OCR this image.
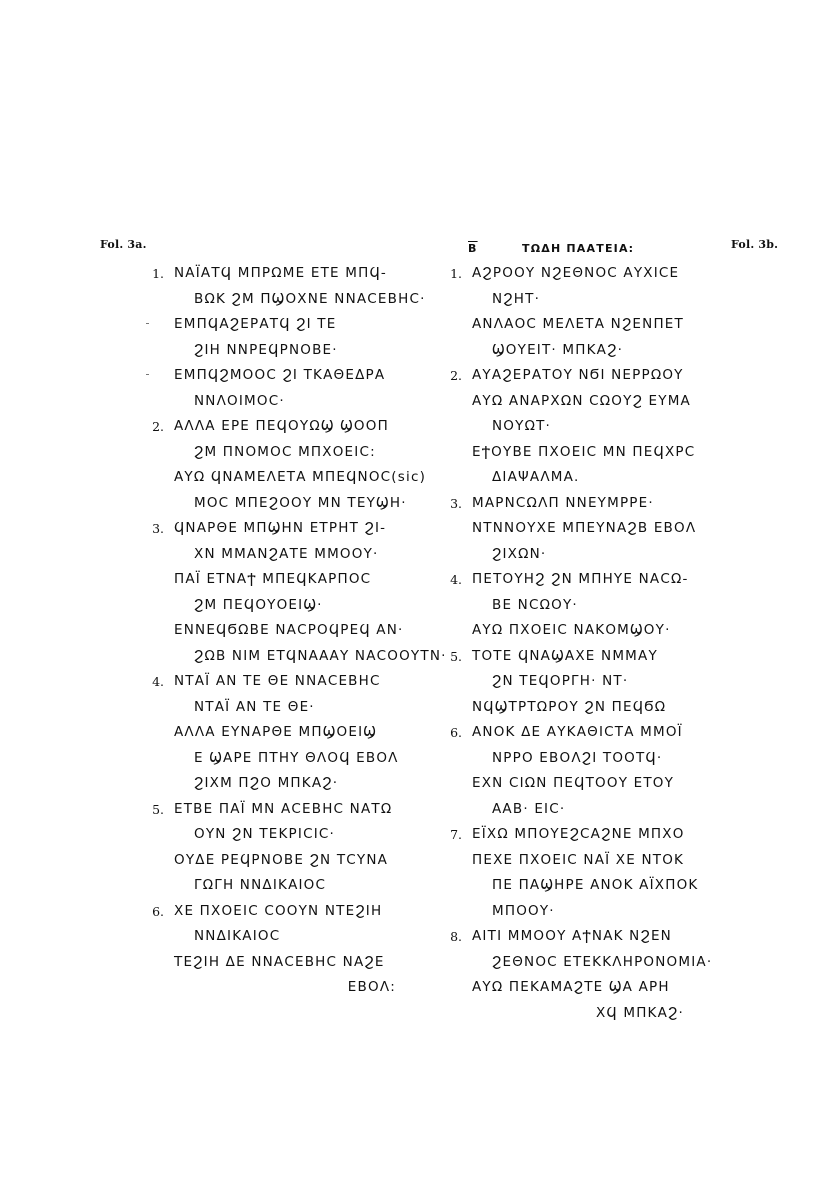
Fol. 3a.	Fol. 3b.
1. ΝΑΪΑΤϤ ΜΠΡΩΜΕ ΕΤΕ ΜΠϤ-
ΒΩΚ ϨΜ ΠϢΟΧΝΕ ΝΝΑCΕΒΗC·
ΕΜΠϤΑϨΕΡΑΤϤ ϨΙ ΤΕ
ϨΙΗ ΝΝΡΕϤΡΝΟΒΕ·
ΕΜΠϤϨΜΟΟC ϨΙ ΤΚΑΘΕΔΡΑ
ΝΝΛΟΙΜΟC·
2. ΑΛΛΑ ΕΡΕ ΠΕϤΟΥΩϢ ϢΟΟΠ
ϨΜ ΠΝΟΜΟC ΜΠΧΟΕΙC:
ΑΥΩ ϤΝΑΜΕΛΕΤΑ ΜΠΕϤΝΟC(sic)
ΜΟC ΜΠΕϨΟΟΥ ΜΝ ΤΕΥϢΗ·
3. ϤΝΑΡΘΕ ΜΠϢΗΝ ΕΤΡΗΤ ϨΙ-
ΧΝ ΜΜΑΝϨΑΤΕ ΜΜΟΟΥ·
ΠΑΪ ΕΤΝΑϮ ΜΠΕϤΚΑΡΠΟC
ϨΜ ΠΕϤΟΥΟΕΙϢ·
ΕΝΝΕϤϬΩΒΕ ΝΑCΡΟϤΡΕϤ ΑΝ·
ϨΩΒ ΝΙΜ ΕΤϤΝΑΑΑΥ ΝΑCΟΟΥΤΝ·
4. ΝΤΑΪ ΑΝ ΤΕ ΘΕ ΝΝΑCΕΒΗC
ΝΤΑΪ ΑΝ ΤΕ ΘΕ·
ΑΛΛΑ ΕΥΝΑΡΘΕ ΜΠϢΟΕΙϢ
Ε ϢΑΡΕ ΠΤΗΥ ΘΛΟϤ ΕΒΟΛ
ϨΙΧΜ ΠϨΟ ΜΠΚΑϨ·
5. ΕΤΒΕ ΠΑΪ ΜΝ ΑCΕΒΗC ΝΑΤΩ
ΟΥΝ ϨΝ ΤΕΚΡΙCΙC·
ΟΥΔΕ ΡΕϤΡΝΟΒΕ ϨΝ ΤCΥΝΑ
ΓΩΓΗ ΝΝΔΙΚΑΙΟC
6. ΧΕ ΠΧΟΕΙC CΟΟΥΝ ΝΤΕϨΙΗ
ΝΝΔΙΚΑΙΟC
ΤΕϨΙΗ ΔΕ ΝΝΑCΕΒΗC ΝΑϨΕ
ΕΒΟΛ:
$\overline{B}$	ΤΩΔΗ ΠΑΑΤΕΙΑ:
1. ΑϨΡΟΟΥ ΝϨΕΘΝΟC ΑΥΧΙCΕ
ΝϨΗΤ·
ΑΝΛΑΟC ΜΕΛΕΤΑ ΝϨΕΝΠΕΤ
ϢΟΥΕΙΤ· ΜΠΚΑϨ·
2. ΑΥΑϨΕΡΑΤΟΥ ΝϬΙ ΝΕΡΡΩΟΥ
ΑΥΩ ΑΝΑΡΧΩΝ CΩΟΥϨ ΕΥΜΑ
ΝΟΥΩΤ·
ΕϮΟΥΒΕ ΠΧΟΕΙC ΜΝ ΠΕϤΧΡC
ΔΙΑΨΑΛΜΑ.
3. ΜΑΡΝCΩΛΠ ΝΝΕΥΜΡΡΕ·
ΝΤΝΝΟΥΧΕ ΜΠΕΥΝΑϨΒ ΕΒΟΛ
ϨΙΧΩΝ·
4. ΠΕΤΟΥΗϨ ϨΝ ΜΠΗΥΕ ΝΑCΩ-
ΒΕ ΝCΩΟΥ·
ΑΥΩ ΠΧΟΕΙC ΝΑΚΟΜϢΟΥ·
5. ΤΟΤΕ ϤΝΑϢΑΧΕ ΝΜΜΑΥ
ϨΝ ΤΕϤΟΡΓΗ· ΝΤ·
ΝϤϢΤΡΤΩΡΟΥ ϨΝ ΠΕϤϬΩ
6. ΑΝΟΚ ΔΕ ΑΥΚΑΘΙCΤΑ ΜΜΟΪ
ΝΡΡΟ ΕΒΟΛϨΙ ΤΟΟΤϤ·
ΕΧΝ CΙΩΝ ΠΕϤΤΟΟΥ ΕΤΟΥ
ΑΑΒ· ΕΙC·
7. ΕΪΧΩ ΜΠΟΥΕϨCΑϨΝΕ ΜΠΧΟ
ΠΕΧΕ ΠΧΟΕΙC ΝΑΪ ΧΕ ΝΤΟΚ
ΠΕ ΠΑϢΗΡΕ ΑΝΟΚ ΑΪΧΠΟΚ
ΜΠΟΟΥ·
8. ΑΙΤΙ ΜΜΟΟΥ ΑϮΝΑΚ ΝϨΕΝ
ϨΕΘΝΟC ΕΤΕΚΚΛΗΡΟΝΟΜΙΑ·
ΑΥΩ ΠΕΚΑΜΑϨΤΕ ϢΑ ΑΡΗ
ΧϤ ΜΠΚΑϨ·
